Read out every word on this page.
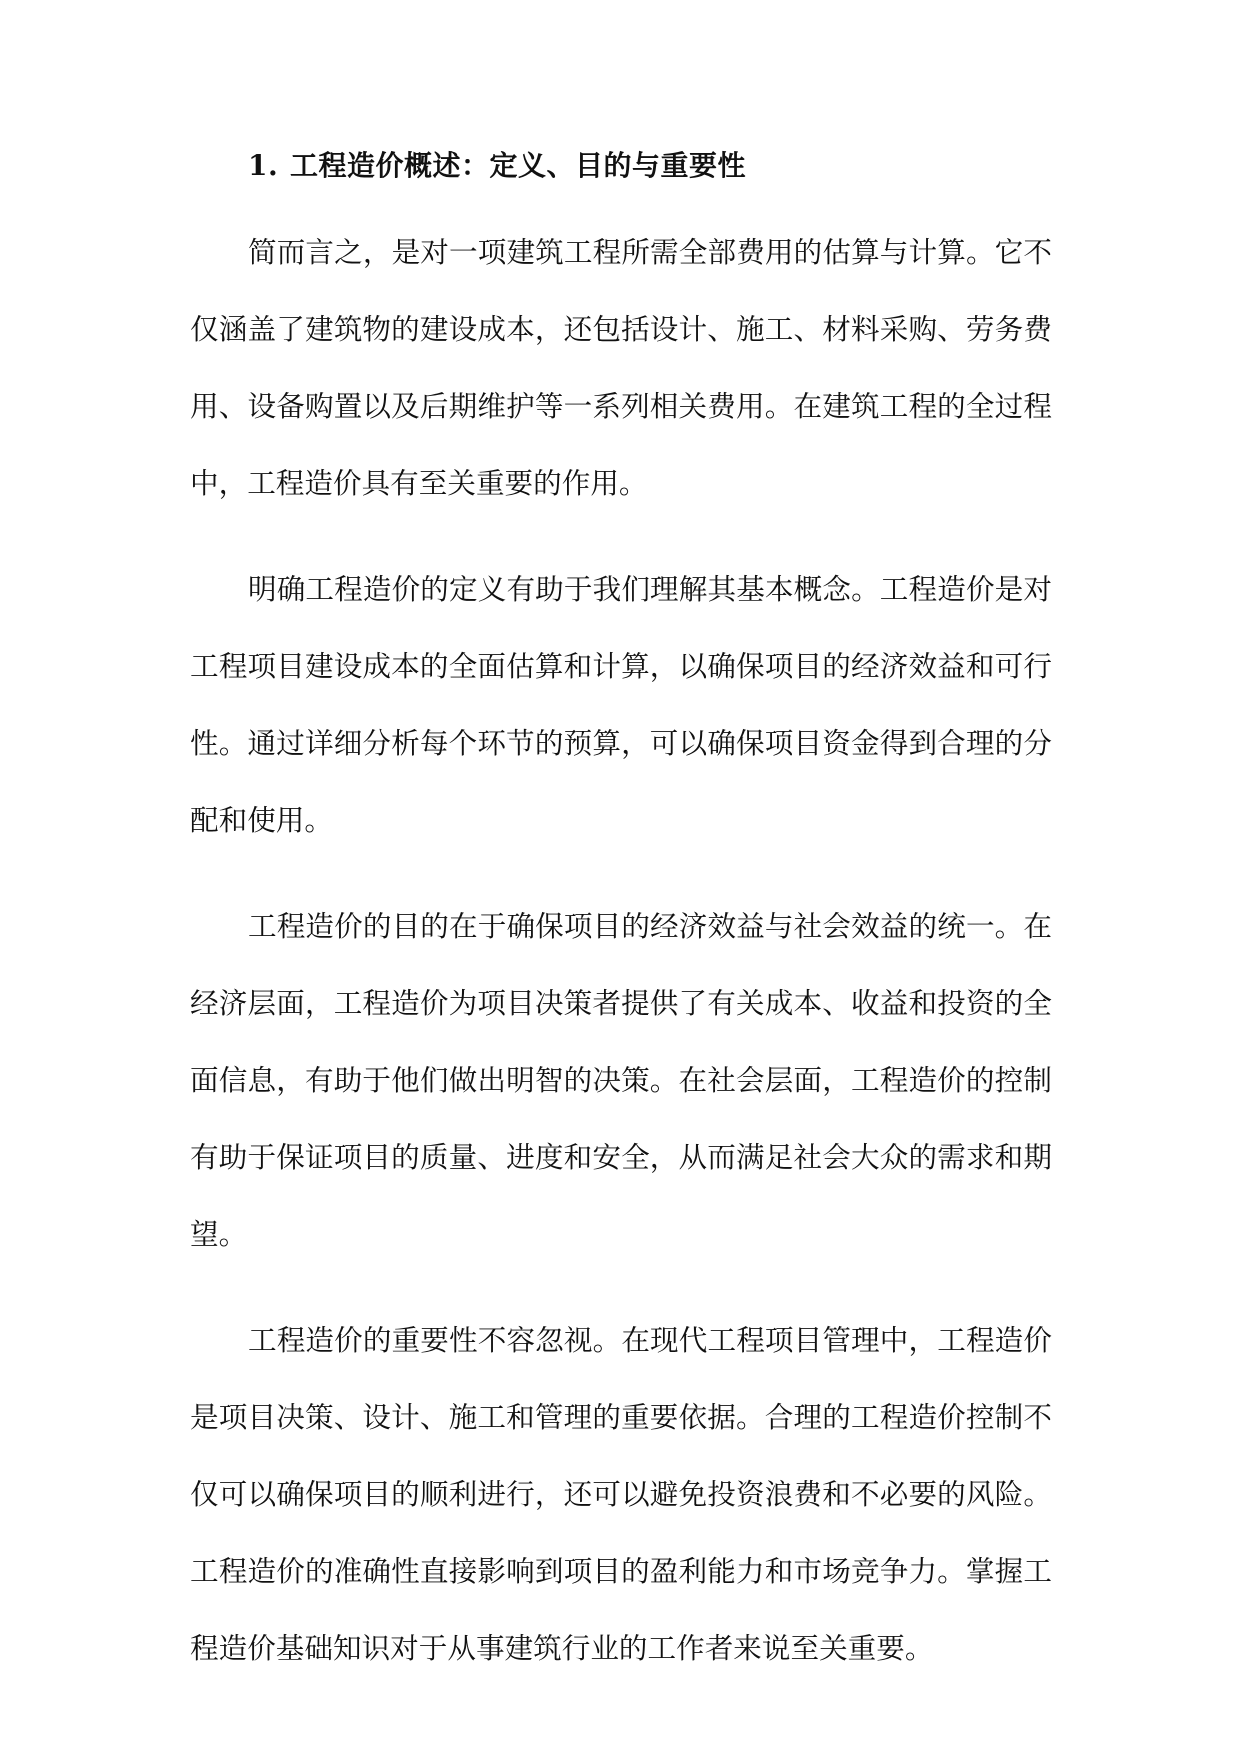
1. 工程造价概述：定义、目的与重要性

简而言之，是对一项建筑工程所需全部费用的估算与计算。它不仅涵盖了建筑物的建设成本，还包括设计、施工、材料采购、劳务费用、设备购置以及后期维护等一系列相关费用。在建筑工程的全过程中，工程造价具有至关重要的作用。

明确工程造价的定义有助于我们理解其基本概念。工程造价是对工程项目建设成本的全面估算和计算，以确保项目的经济效益和可行性。通过详细分析每个环节的预算，可以确保项目资金得到合理的分配和使用。

工程造价的目的在于确保项目的经济效益与社会效益的统一。在经济层面，工程造价为项目决策者提供了有关成本、收益和投资的全面信息，有助于他们做出明智的决策。在社会层面，工程造价的控制有助于保证项目的质量、进度和安全，从而满足社会大众的需求和期望。

工程造价的重要性不容忽视。在现代工程项目管理中，工程造价是项目决策、设计、施工和管理的重要依据。合理的工程造价控制不仅可以确保项目的顺利进行，还可以避免投资浪费和不必要的风险。工程造价的准确性直接影响到项目的盈利能力和市场竞争力。掌握工程造价基础知识对于从事建筑行业的工作者来说至关重要。
